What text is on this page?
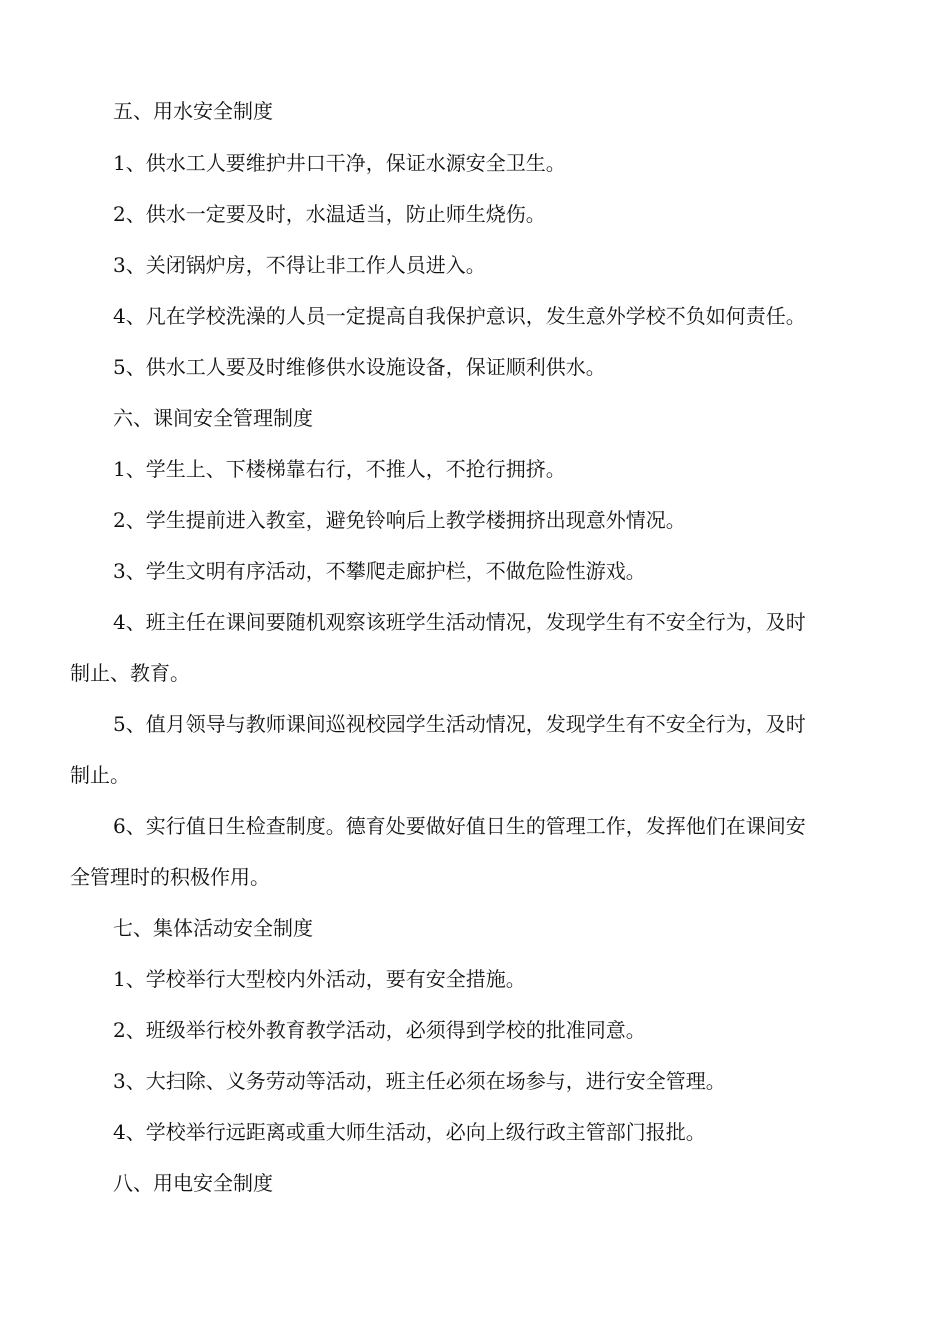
五、用水安全制度
1、供水工人要维护井口干净，保证水源安全卫生。
2、供水一定要及时，水温适当，防止师生烧伤。
3、关闭锅炉房，不得让非工作人员进入。
4、凡在学校洗澡的人员一定提高自我保护意识，发生意外学校不负如何责任。
5、供水工人要及时维修供水设施设备，保证顺利供水。
六、课间安全管理制度
1、学生上、下楼梯靠右行，不推人，不抢行拥挤。
2、学生提前进入教室，避免铃响后上教学楼拥挤出现意外情况。
3、学生文明有序活动，不攀爬走廊护栏，不做危险性游戏。
4、班主任在课间要随机观察该班学生活动情况，发现学生有不安全行为，及时
制止、教育。
5、值月领导与教师课间巡视校园学生活动情况，发现学生有不安全行为，及时
制止。
6、实行值日生检查制度。德育处要做好值日生的管理工作，发挥他们在课间安
全管理时的积极作用。
七、集体活动安全制度
1、学校举行大型校内外活动，要有安全措施。
2、班级举行校外教育教学活动，必须得到学校的批准同意。
3、大扫除、义务劳动等活动，班主任必须在场参与，进行安全管理。
4、学校举行远距离或重大师生活动，必向上级行政主管部门报批。
八、用电安全制度
